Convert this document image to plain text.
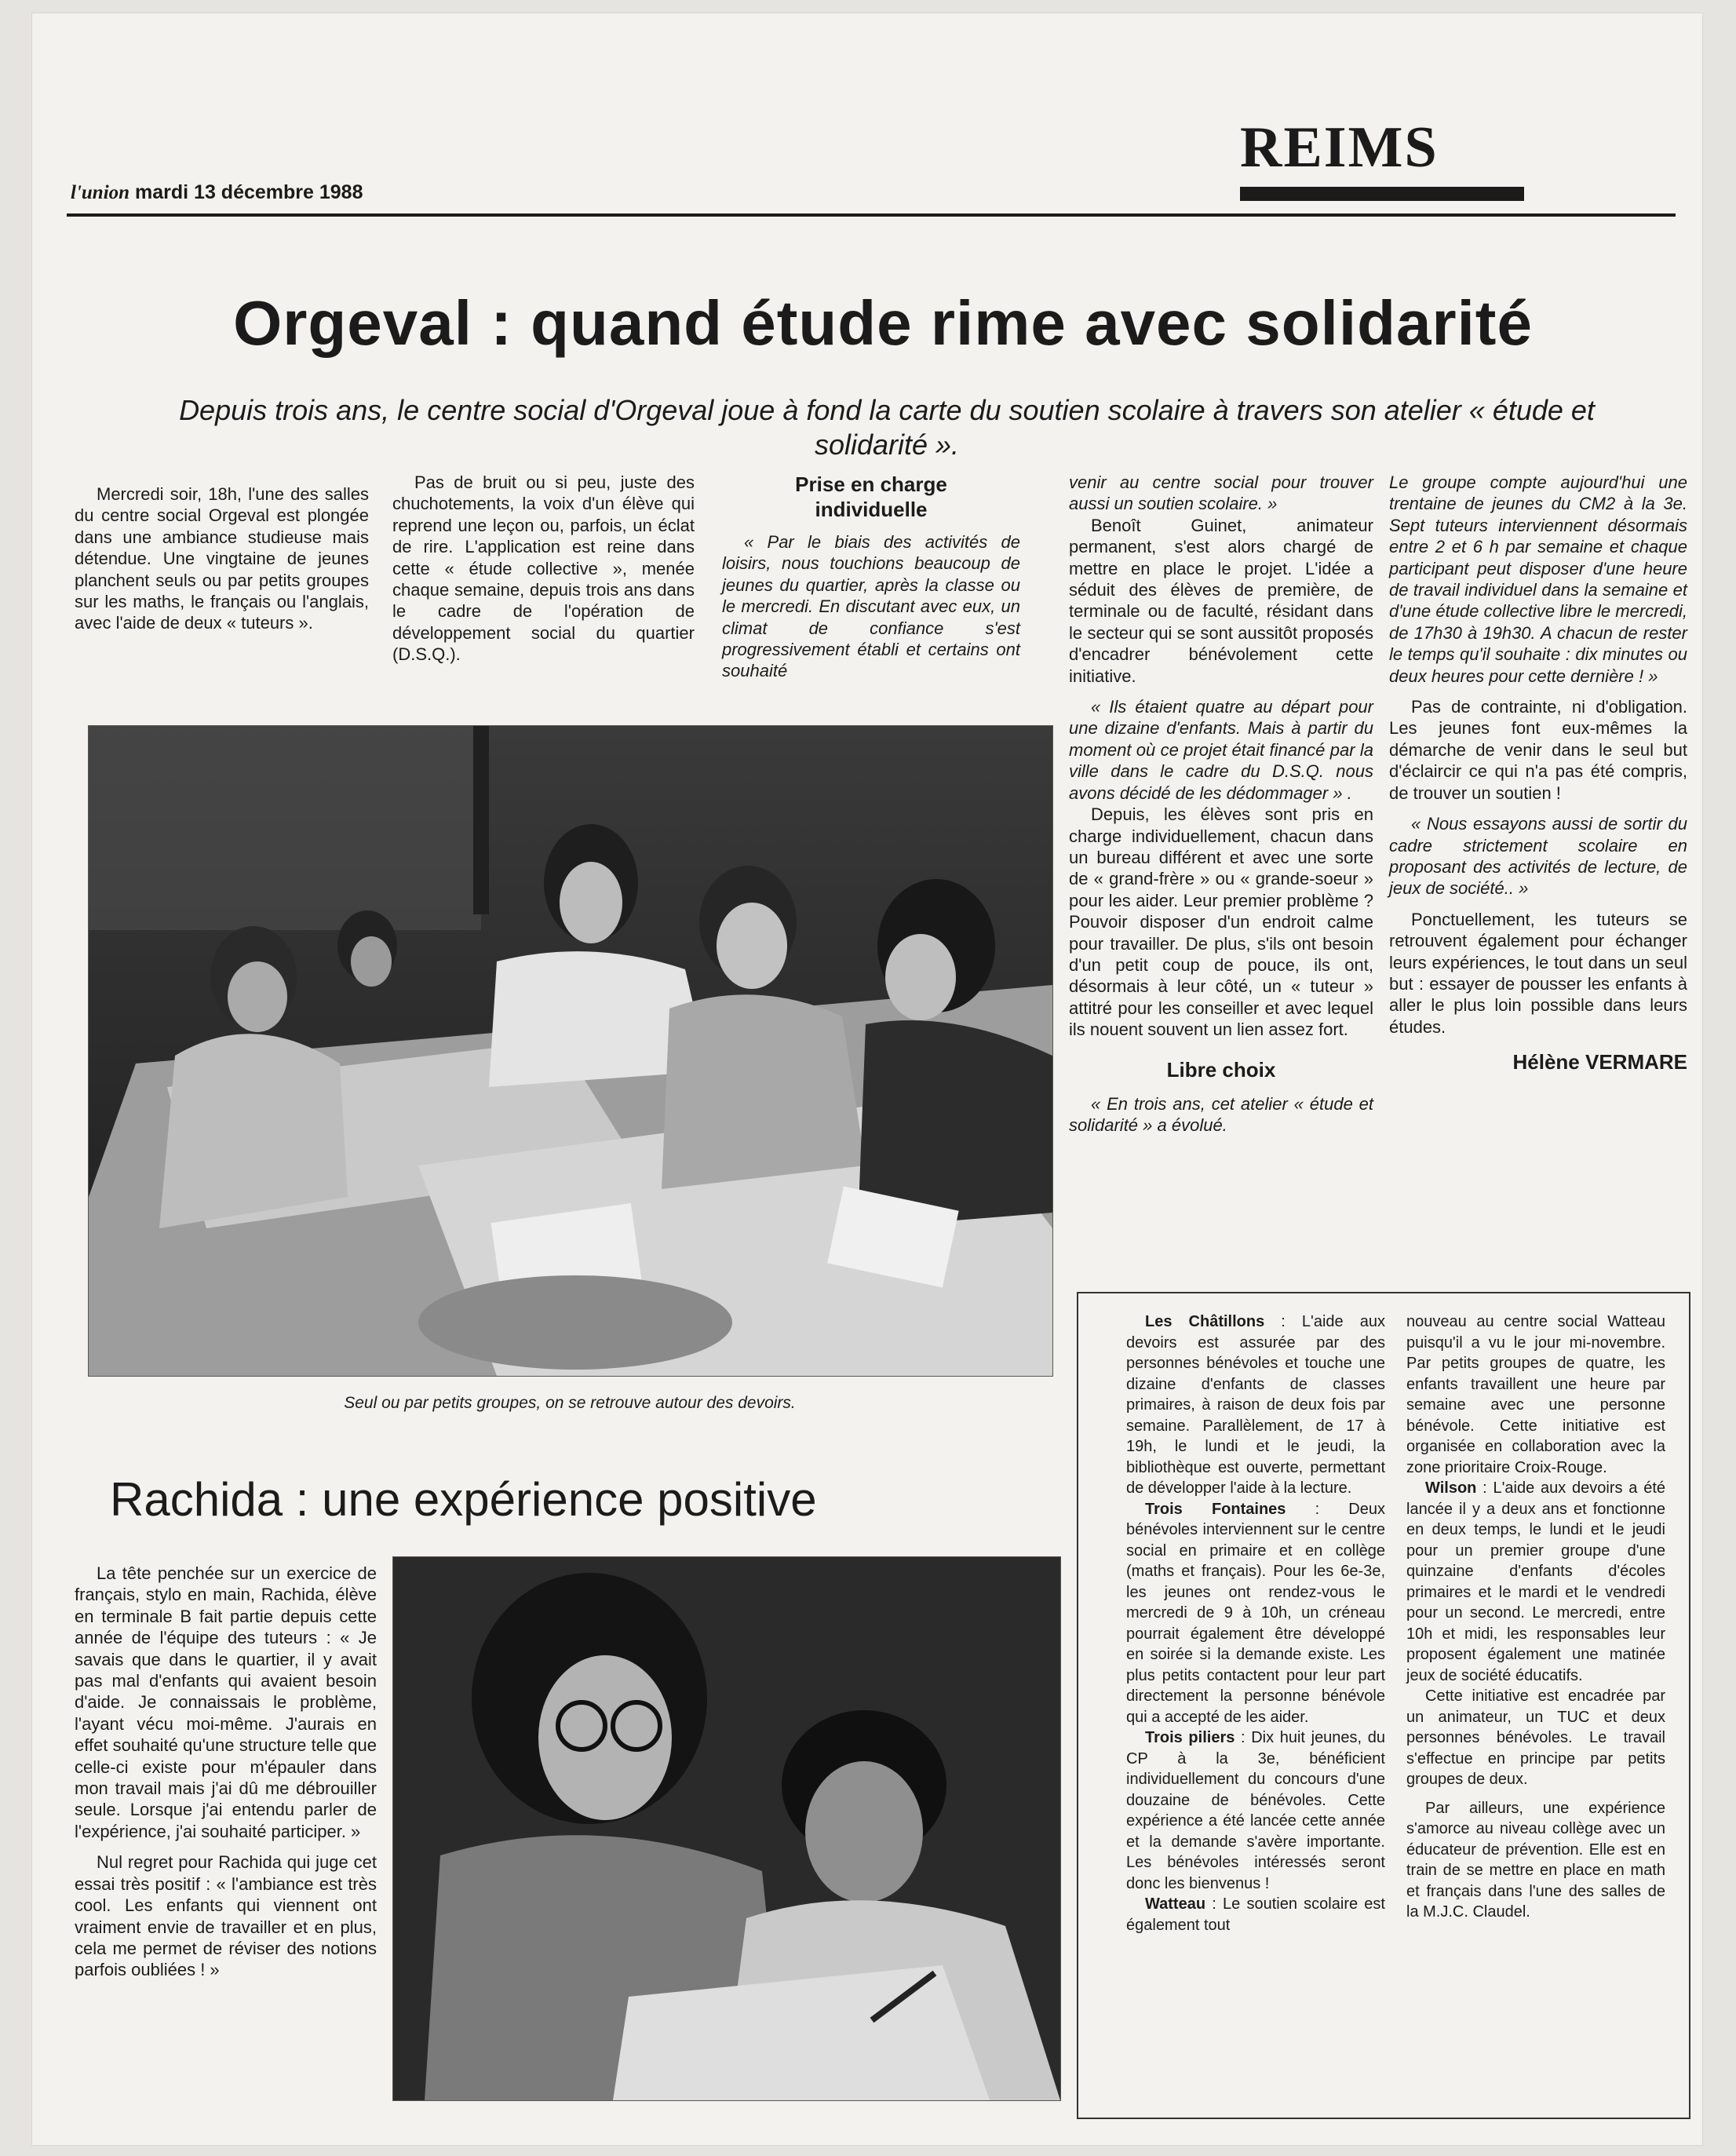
l'union mardi 13 décembre 1988
REIMS
Orgeval : quand étude rime avec solidarité
Depuis trois ans, le centre social d'Orgeval joue à fond la carte du soutien scolaire à travers son atelier « étude et solidarité ».

Mercredi soir, 18h, l'une des salles du centre social Orgeval est plongée dans une ambiance studieuse mais détendue. Une vingtaine de jeunes planchent seuls ou par petits groupes sur les maths, le français ou l'anglais, avec l'aide de deux « tuteurs ».

Pas de bruit ou si peu, juste des chuchotements, la voix d'un élève qui reprend une leçon ou, parfois, un éclat de rire. L'application est reine dans cette « étude collective », menée chaque semaine, depuis trois ans dans le cadre de l'opération de développement social du quartier (D.S.Q.).

Prise en charge individuelle

« Par le biais des activités de loisirs, nous touchions beaucoup de jeunes du quartier, après la classe ou le mercredi. En discutant avec eux, un climat de confiance s'est progressivement établi et certains ont souhaité

venir au centre social pour trouver aussi un soutien scolaire. »

Benoît Guinet, animateur permanent, s'est alors chargé de mettre en place le projet. L'idée a séduit des élèves de première, de terminale ou de faculté, résidant dans le secteur qui se sont aussitôt proposés d'encadrer bénévolement cette initiative.

« Ils étaient quatre au départ pour une dizaine d'enfants. Mais à partir du moment où ce projet était financé par la ville dans le cadre du D.S.Q. nous avons décidé de les dédommager » .

Depuis, les élèves sont pris en charge individuellement, chacun dans un bureau différent et avec une sorte de « grand-frère » ou « grande-soeur » pour les aider. Leur premier problème ? Pouvoir disposer d'un endroit calme pour travailler. De plus, s'ils ont besoin d'un petit coup de pouce, ils ont, désormais à leur côté, un « tuteur » attitré pour les conseiller et avec lequel ils nouent souvent un lien assez fort.

Libre choix

« En trois ans, cet atelier « étude et solidarité » a évolué.

Le groupe compte aujourd'hui une trentaine de jeunes du CM2 à la 3e. Sept tuteurs interviennent désormais entre 2 et 6 h par semaine et chaque participant peut disposer d'une heure de travail individuel dans la semaine et d'une étude collective libre le mercredi, de 17h30 à 19h30. A chacun de rester le temps qu'il souhaite : dix minutes ou deux heures pour cette dernière ! »

Pas de contrainte, ni d'obligation. Les jeunes font eux-mêmes la démarche de venir dans le seul but d'éclaircir ce qui n'a pas été compris, de trouver un soutien !

« Nous essayons aussi de sortir du cadre strictement scolaire en proposant des activités de lecture, de jeux de société.. »

Ponctuellement, les tuteurs se retrouvent également pour échanger leurs expériences, le tout dans un seul but : essayer de pousser les enfants à aller le plus loin possible dans leurs études.

Hélène VERMARE
Seul ou par petits groupes, on se retrouve autour des devoirs.
Rachida : une expérience positive

La tête penchée sur un exercice de français, stylo en main, Rachida, élève en terminale B fait partie depuis cette année de l'équipe des tuteurs : « Je savais que dans le quartier, il y avait pas mal d'enfants qui avaient besoin d'aide. Je connaissais le problème, l'ayant vécu moi-même. J'aurais en effet souhaité qu'une structure telle que celle-ci existe pour m'épauler dans mon travail mais j'ai dû me débrouiller seule. Lorsque j'ai entendu parler de l'expérience, j'ai souhaité participer. »

Nul regret pour Rachida qui juge cet essai très positif : « l'ambiance est très cool. Les enfants qui viennent ont vraiment envie de travailler et en plus, cela me permet de réviser des notions parfois oubliées ! »

Les Châtillons : L'aide aux devoirs est assurée par des personnes bénévoles et touche une dizaine d'enfants de classes primaires, à raison de deux fois par semaine. Parallèlement, de 17 à 19h, le lundi et le jeudi, la bibliothèque est ouverte, permettant de développer l'aide à la lecture.

Trois Fontaines : Deux bénévoles interviennent sur le centre social en primaire et en collège (maths et français). Pour les 6e-3e, les jeunes ont rendez-vous le mercredi de 9 à 10h, un créneau pourrait également être développé en soirée si la demande existe. Les plus petits contactent pour leur part directement la personne bénévole qui a accepté de les aider.

Trois piliers : Dix huit jeunes, du CP à la 3e, bénéficient individuellement du concours d'une douzaine de bénévoles. Cette expérience a été lancée cette année et la demande s'avère importante. Les bénévoles intéressés seront donc les bienvenus !

Watteau : Le soutien scolaire est également tout

nouveau au centre social Watteau puisqu'il a vu le jour mi-novembre. Par petits groupes de quatre, les enfants travaillent une heure par semaine avec une personne bénévole. Cette initiative est organisée en collaboration avec la zone prioritaire Croix-Rouge.

Wilson : L'aide aux devoirs a été lancée il y a deux ans et fonctionne en deux temps, le lundi et le jeudi pour un premier groupe d'une quinzaine d'enfants d'écoles primaires et le mardi et le vendredi pour un second. Le mercredi, entre 10h et midi, les responsables leur proposent également une matinée jeux de société éducatifs.

Cette initiative est encadrée par un animateur, un TUC et deux personnes bénévoles. Le travail s'effectue en principe par petits groupes de deux.

Par ailleurs, une expérience s'amorce au niveau collège avec un éducateur de prévention. Elle est en train de se mettre en place en math et français dans l'une des salles de la M.J.C. Claudel.
